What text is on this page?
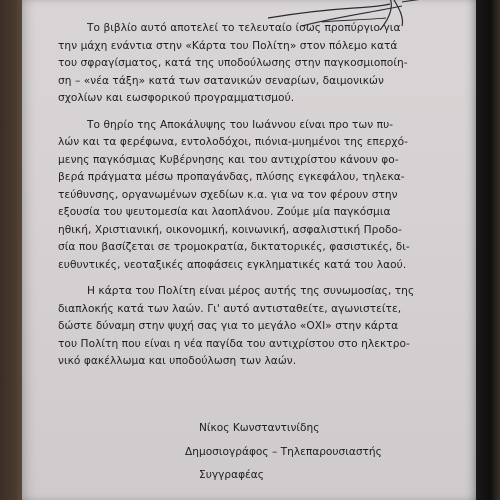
Το βιβλίο αυτό αποτελεί το τελευταίο ίσως προπύργιο για

την μάχη ενάντια στην «Κάρτα του Πολίτη» στον πόλεμο κατά

του σφραγίσματος, κατά της υποδούλωσης στην παγκοσμιοποίη-

ση – «νέα τάξη» κατά των σατανικών σεναρίων, δαιμονικών

σχολίων και εωσφορικού προγραμματισμού.

Το θηρίο της Αποκάλυψης του Ιωάννου είναι προ των πυ-

λών και τα φερέφωνα, εντολοδόχοι, πιόνια-μυημένοι της επερχό-

μενης παγκόσμιας Κυβέρνησης και του αντιχρίστου κάνουν φο-

βερά πράγματα μέσω προπαγάνδας, πλύσης εγκεφάλου, τηλεκα-

τεύθυνσης, οργανωμένων σχεδίων κ.α. για να τον φέρουν στην

εξουσία του ψευτομεσία και λαοπλάνου. Ζούμε μία παγκόσμια

ηθική, Χριστιανική, οικονομική, κοινωνική, ασφαλιστική Προδο-

σία που βασίζεται σε τρομοκρατία, δικτατορικές, φασιστικές, δι-

ευθυντικές, νεοταξικές αποφάσεις εγκληματικές κατά του λαού.

Η κάρτα του Πολίτη είναι μέρος αυτής της συνωμοσίας, της

διαπλοκής κατά των λαών. Γι' αυτό αντισταθείτε, αγωνιστείτε,

δώστε δύναμη στην ψυχή σας για το μεγάλο «ΟΧΙ» στην κάρτα

του Πολίτη που είναι η νέα παγίδα του αντιχρίστου στο ηλεκτρο-

νικό φακέλλωμα και υποδούλωση των λαών.

Νίκος Κωνσταντινίδης
Δημοσιογράφος – Τηλεπαρουσιαστής
Συγγραφέας
